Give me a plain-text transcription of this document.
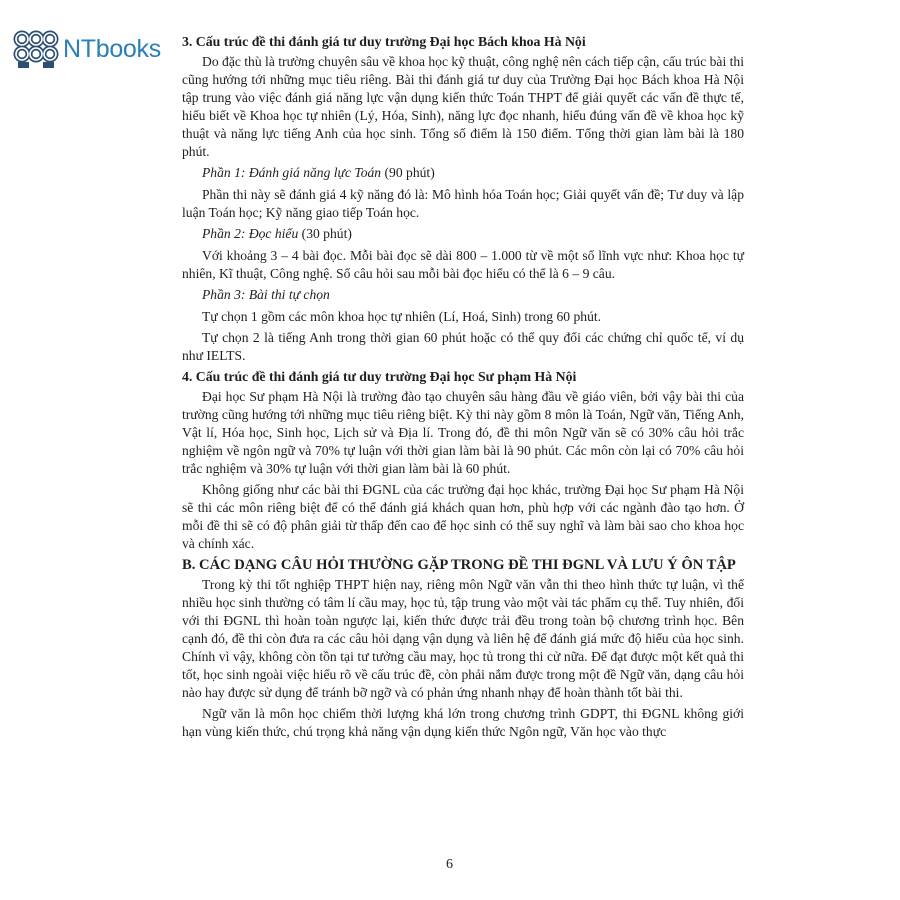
NTbooks 3. Cấu trúc đề thi đánh giá tư duy trường Đại học Bách khoa Hà Nội

Do đặc thù là trường chuyên sâu về khoa học kỹ thuật, công nghệ nên cách tiếp cận, cấu trúc bài thi cũng hướng tới những mục tiêu riêng. Bài thi đánh giá tư duy của Trường Đại học Bách khoa Hà Nội tập trung vào việc đánh giá năng lực vận dụng kiến thức Toán THPT để giải quyết các vấn đề thực tế, hiểu biết về Khoa học tự nhiên (Lý, Hóa, Sinh), năng lực đọc nhanh, hiểu đúng vấn đề về khoa học kỹ thuật và năng lực tiếng Anh của học sinh. Tổng số điểm là 150 điểm. Tổng thời gian làm bài là 180 phút.

Phần 1: Đánh giá năng lực Toán (90 phút)

Phần thi này sẽ đánh giá 4 kỹ năng đó là: Mô hình hóa Toán học; Giải quyết vấn đề; Tư duy và lập luận Toán học; Kỹ năng giao tiếp Toán học.

Phần 2: Đọc hiểu (30 phút)

Với khoảng 3 – 4 bài đọc. Mỗi bài đọc sẽ dài 800 – 1.000 từ về một số lĩnh vực như: Khoa học tự nhiên, Kĩ thuật, Công nghệ. Số câu hỏi sau mỗi bài đọc hiểu có thể là 6 – 9 câu.

Phần 3: Bài thi tự chọn

Tự chọn 1 gồm các môn khoa học tự nhiên (Lí, Hoá, Sinh) trong 60 phút.

Tự chọn 2 là tiếng Anh trong thời gian 60 phút hoặc có thể quy đổi các chứng chỉ quốc tế, ví dụ như IELTS.

4. Cấu trúc đề thi đánh giá tư duy trường Đại học Sư phạm Hà Nội

Đại học Sư phạm Hà Nội là trường đào tạo chuyên sâu hàng đầu về giáo viên, bởi vậy bài thi của trường cũng hướng tới những mục tiêu riêng biệt. Kỳ thi này gồm 8 môn là Toán, Ngữ văn, Tiếng Anh, Vật lí, Hóa học, Sinh học, Lịch sử và Địa lí. Trong đó, đề thi môn Ngữ văn sẽ có 30% câu hỏi trắc nghiệm về ngôn ngữ và 70% tự luận với thời gian làm bài là 90 phút. Các môn còn lại có 70% câu hỏi trắc nghiệm và 30% tự luận với thời gian làm bài là 60 phút.

Không giống như các bài thi ĐGNL của các trường đại học khác, trường Đại học Sư phạm Hà Nội sẽ thi các môn riêng biệt để có thể đánh giá khách quan hơn, phù hợp với các ngành đào tạo hơn. Ở mỗi đề thi sẽ có độ phân giải từ thấp đến cao để học sinh có thể suy nghĩ và làm bài sao cho khoa học và chính xác.

B. CÁC DẠNG CÂU HỎI THƯỜNG GẶP TRONG ĐỀ THI ĐGNL VÀ LƯU Ý ÔN TẬP

Trong kỳ thi tốt nghiệp THPT hiện nay, riêng môn Ngữ văn vẫn thi theo hình thức tự luận, vì thế nhiều học sinh thường có tâm lí cầu may, học tủ, tập trung vào một vài tác phẩm cụ thể. Tuy nhiên, đối với thi ĐGNL thì hoàn toàn ngược lại, kiến thức được trải đều trong toàn bộ chương trình học. Bên cạnh đó, đề thi còn đưa ra các câu hỏi dạng vận dụng và liên hệ để đánh giá mức độ hiểu của học sinh. Chính vì vậy, không còn tồn tại tư tưởng cầu may, học tủ trong thi cử nữa. Để đạt được một kết quả thi tốt, học sinh ngoài việc hiểu rõ về cấu trúc đề, còn phải nắm được trong một đề Ngữ văn, dạng câu hỏi nào hay được sử dụng để tránh bỡ ngỡ và có phản ứng nhanh nhạy để hoàn thành tốt bài thi.

Ngữ văn là môn học chiếm thời lượng khá lớn trong chương trình GDPT, thi ĐGNL không giới hạn vùng kiến thức, chú trọng khả năng vận dụng kiến thức Ngôn ngữ, Văn học vào thực

6
